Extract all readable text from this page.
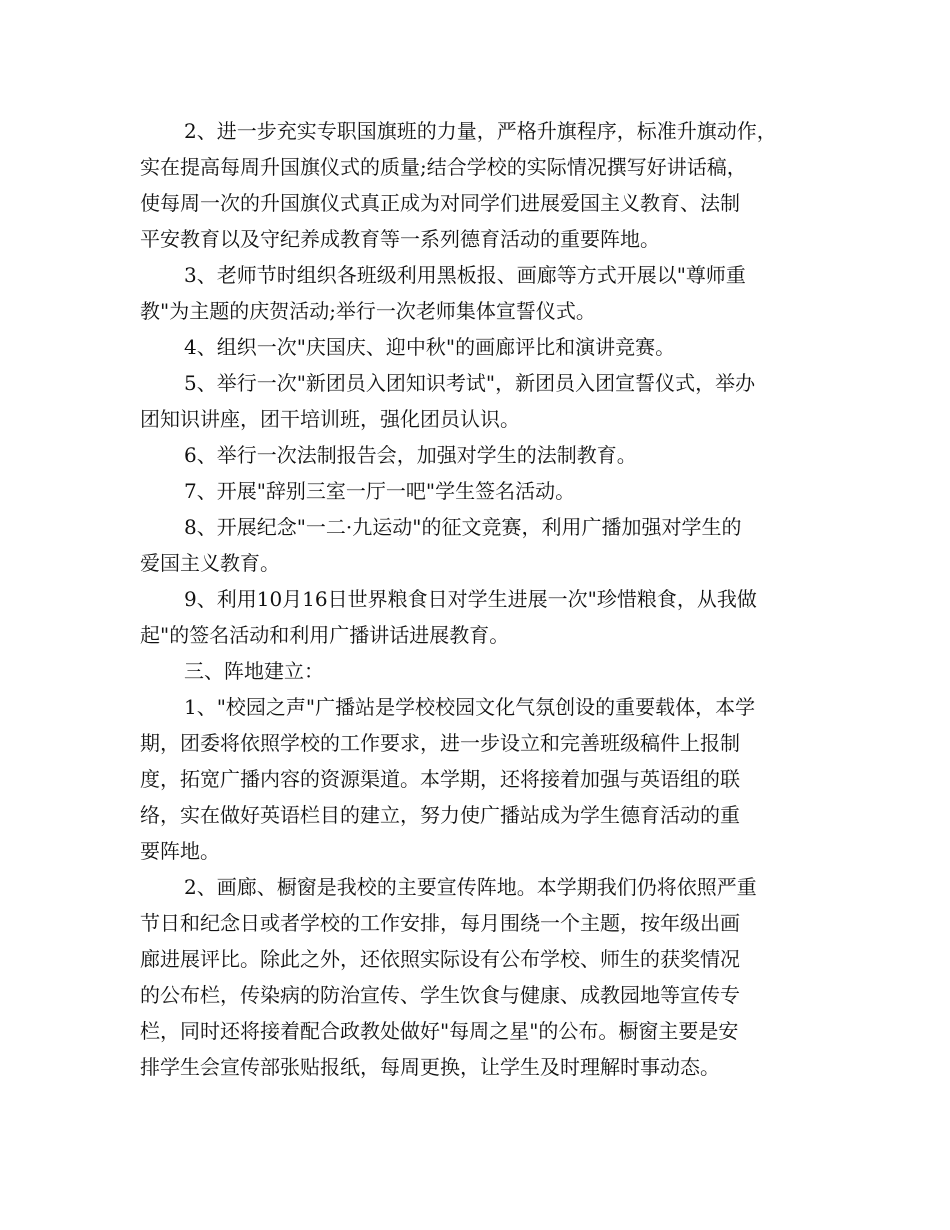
2、进一步充实专职国旗班的力量，严格升旗程序，标准升旗动作，
实在提高每周升国旗仪式的质量;结合学校的实际情况撰写好讲话稿，
使每周一次的升国旗仪式真正成为对同学们进展爱国主义教育、法制
平安教育以及守纪养成教育等一系列德育活动的重要阵地。

3、老师节时组织各班级利用黑板报、画廊等方式开展以"尊师重
教"为主题的庆贺活动;举行一次老师集体宣誓仪式。

4、组织一次"庆国庆、迎中秋"的画廊评比和演讲竞赛。

5、举行一次"新团员入团知识考试"，新团员入团宣誓仪式，举办
团知识讲座，团干培训班，强化团员认识。

6、举行一次法制报告会，加强对学生的法制教育。

7、开展"辞别三室一厅一吧"学生签名活动。

8、开展纪念"一二·九运动"的征文竞赛，利用广播加强对学生的
爱国主义教育。

9、利用10月16日世界粮食日对学生进展一次"珍惜粮食，从我做
起"的签名活动和利用广播讲话进展教育。

三、阵地建立：

1、"校园之声"广播站是学校校园文化气氛创设的重要载体，本学
期，团委将依照学校的工作要求，进一步设立和完善班级稿件上报制
度，拓宽广播内容的资源渠道。本学期，还将接着加强与英语组的联
络，实在做好英语栏目的建立，努力使广播站成为学生德育活动的重
要阵地。

2、画廊、橱窗是我校的主要宣传阵地。本学期我们仍将依照严重
节日和纪念日或者学校的工作安排，每月围绕一个主题，按年级出画
廊进展评比。除此之外，还依照实际设有公布学校、师生的获奖情况
的公布栏，传染病的防治宣传、学生饮食与健康、成教园地等宣传专
栏，同时还将接着配合政教处做好"每周之星"的公布。橱窗主要是安
排学生会宣传部张贴报纸，每周更换，让学生及时理解时事动态。
